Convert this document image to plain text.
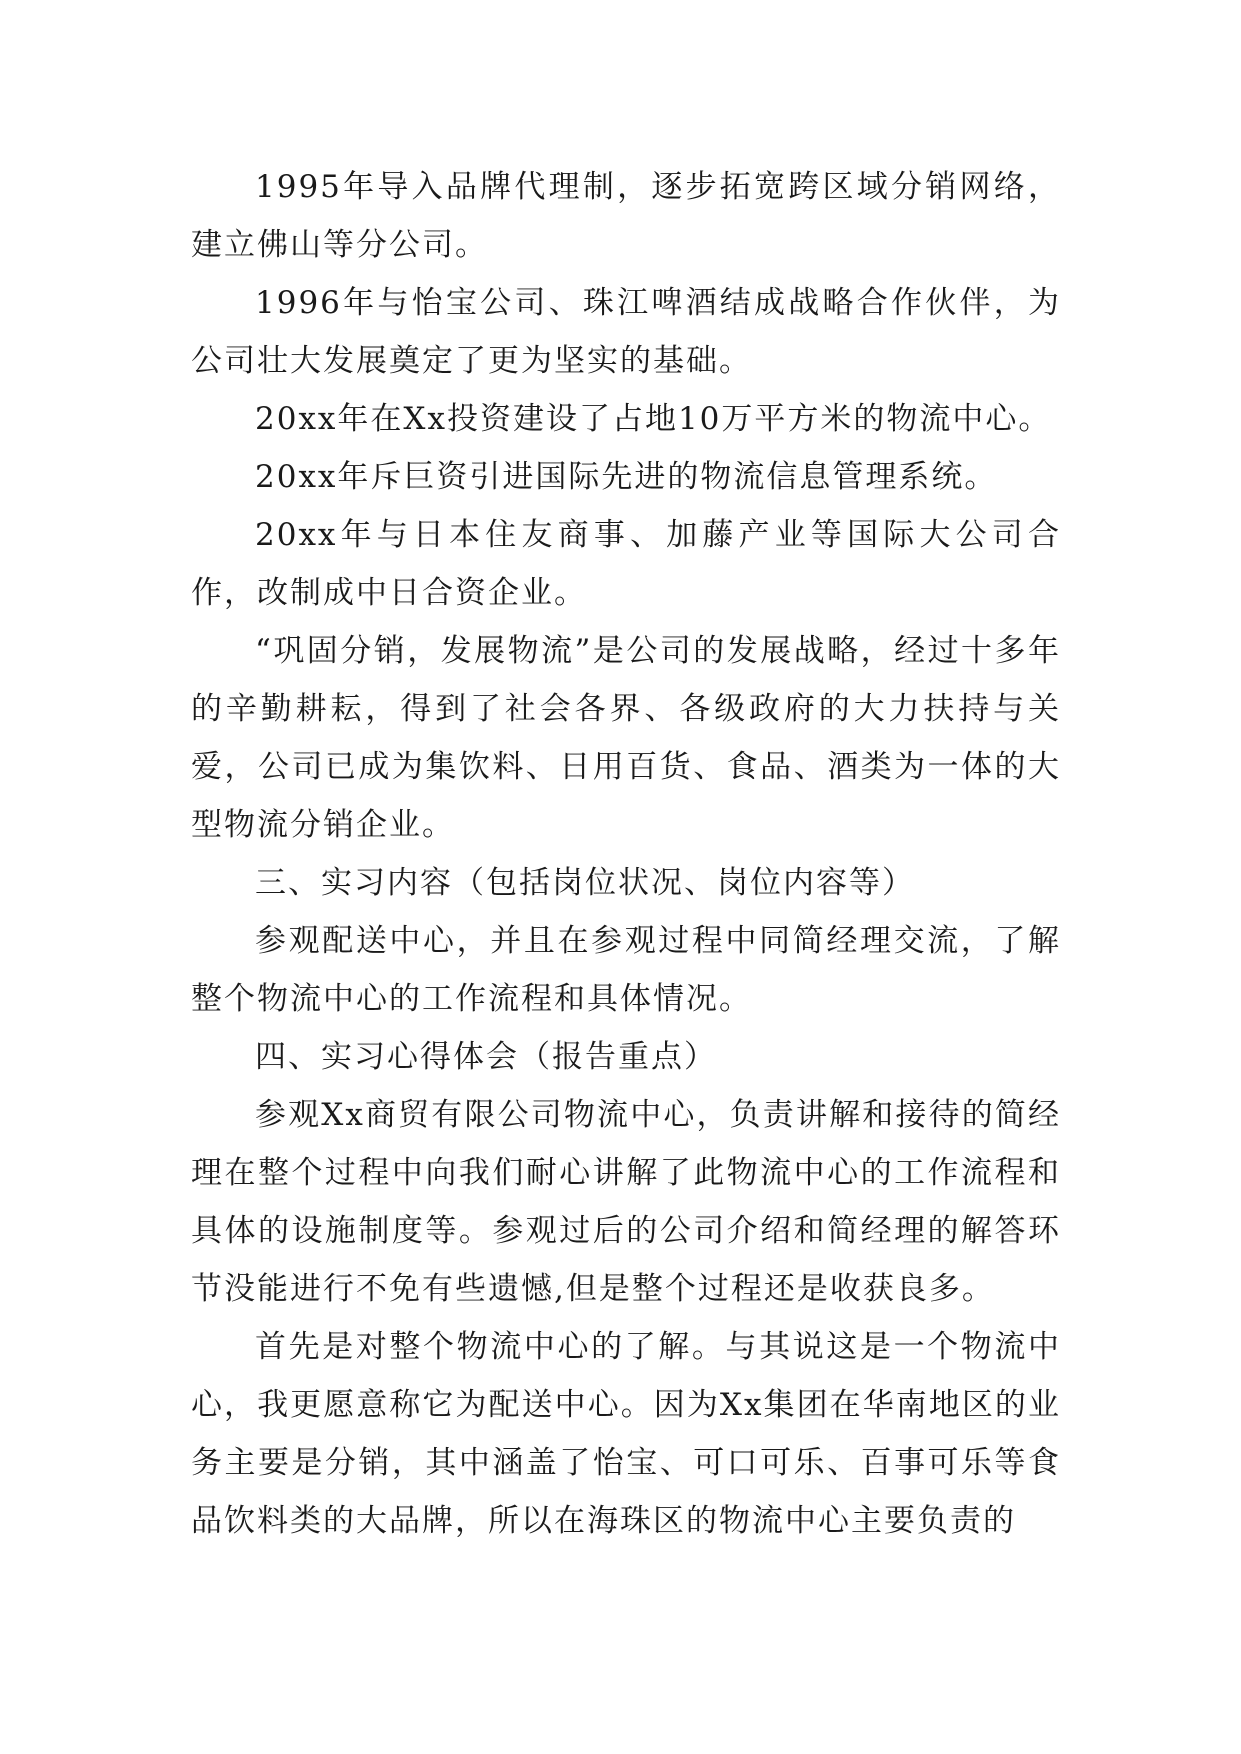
1995年导入品牌代理制，逐步拓宽跨区域分销网络，建立佛山等分公司。

1996年与怡宝公司、珠江啤酒结成战略合作伙伴，为公司壮大发展奠定了更为坚实的基础。

20xx年在Xx投资建设了占地10万平方米的物流中心。

20xx年斥巨资引进国际先进的物流信息管理系统。

20xx年与日本住友商事、加藤产业等国际大公司合作，改制成中日合资企业。

“巩固分销，发展物流”是公司的发展战略，经过十多年的辛勤耕耘，得到了社会各界、各级政府的大力扶持与关爱，公司已成为集饮料、日用百货、食品、酒类为一体的大型物流分销企业。

三、实习内容（包括岗位状况、岗位内容等）

参观配送中心，并且在参观过程中同简经理交流，了解整个物流中心的工作流程和具体情况。

四、实习心得体会（报告重点）

参观Xx商贸有限公司物流中心，负责讲解和接待的简经理在整个过程中向我们耐心讲解了此物流中心的工作流程和具体的设施制度等。参观过后的公司介绍和简经理的解答环节没能进行不免有些遗憾,但是整个过程还是收获良多。

首先是对整个物流中心的了解。与其说这是一个物流中心，我更愿意称它为配送中心。因为Xx集团在华南地区的业务主要是分销，其中涵盖了怡宝、可口可乐、百事可乐等食品饮料类的大品牌，所以在海珠区的物流中心主要负责的
